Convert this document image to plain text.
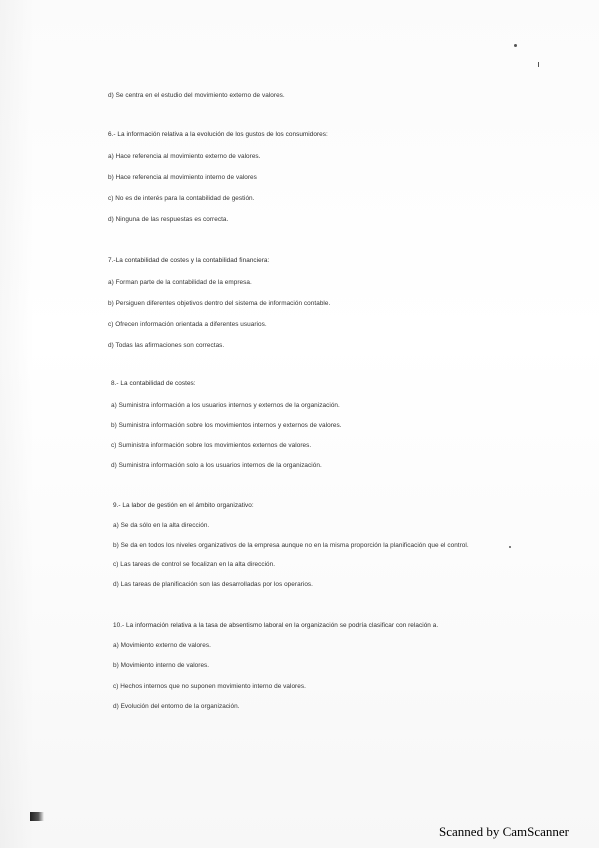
d) Se centra en el estudio del movimiento externo de valores.
6.- La información relativa a la evolución de los gustos de los consumidores:
a) Hace referencia al movimiento externo de valores.
b) Hace referencia al movimiento interno de valores
c) No es de interés para la contabilidad de gestión.
d) Ninguna de las respuestas es correcta.
7.-La contabilidad de costes y la contabilidad financiera:
a) Forman parte de la contabilidad de la empresa.
b) Persiguen diferentes objetivos dentro del sistema de información contable.
c) Ofrecen información orientada a diferentes usuarios.
d) Todas las afirmaciones son correctas.
8.- La contabilidad de costes:
a) Suministra información a los usuarios internos y externos de la organización.
b) Suministra información sobre los movimientos internos y externos de valores.
c) Suministra información sobre los movimientos externos de valores.
d) Suministra información solo a los usuarios internos de la organización.
9.- La labor de gestión en el ámbito organizativo:
a) Se da sólo en la alta dirección.
b) Se da en todos los niveles organizativos de la empresa aunque no en la misma proporción la planificación que el control.
c) Las tareas de control se focalizan en la alta dirección.
d) Las tareas de planificación son las desarrolladas por los operarios.
10.- La información relativa a la tasa de absentismo laboral en la organización se podría clasificar con relación a.
a) Movimiento externo de valores.
b) Movimiento interno de valores.
c) Hechos internos que no suponen movimiento interno de valores.
d) Evolución del entorno de la organización.
Scanned by CamScanner
